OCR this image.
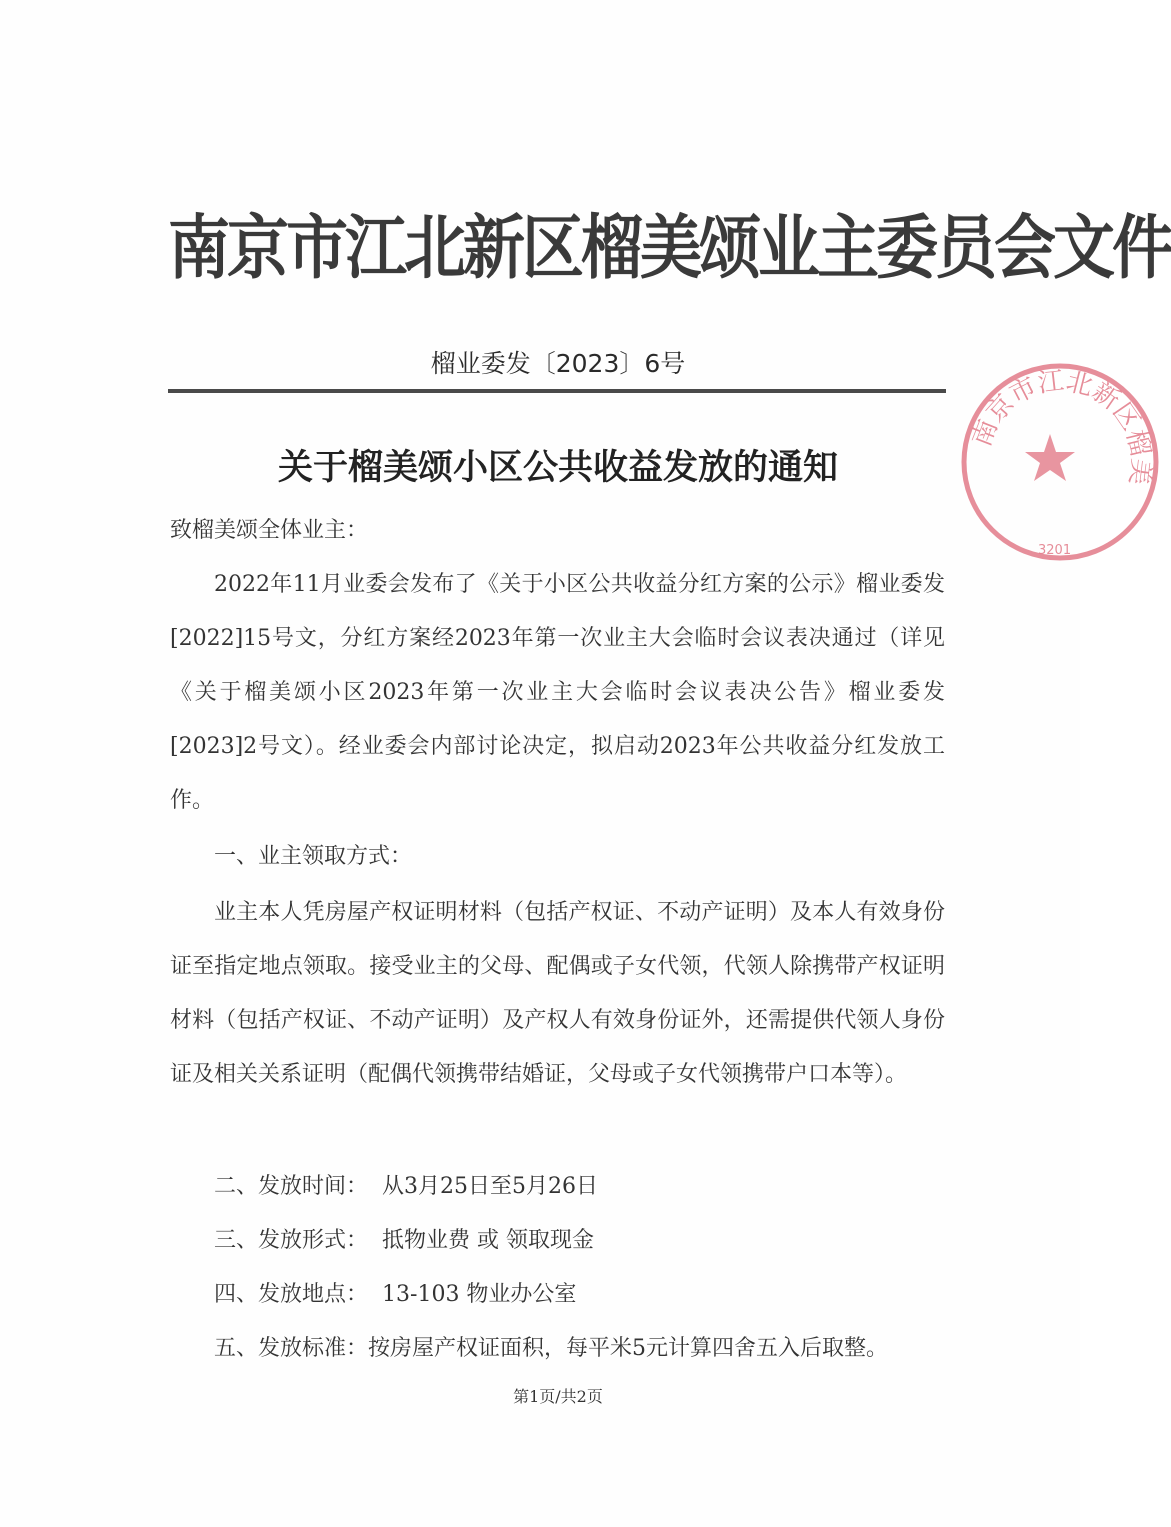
南京市江北新区榴美颂业主委员会文件
榴业委发〔2023〕6号
关于榴美颂小区公共收益发放的通知
致榴美颂全体业主：
2022年11月业委会发布了《关于小区公共收益分红方案的公示》榴业委发[2022]15号文，分红方案经2023年第一次业主大会临时会议表决通过（详见《关于榴美颂小区2023年第一次业主大会临时会议表决公告》榴业委发[2023]2号文）。经业委会内部讨论决定，拟启动2023年公共收益分红发放工作。
一、业主领取方式：
业主本人凭房屋产权证明材料（包括产权证、不动产证明）及本人有效身份证至指定地点领取。接受业主的父母、配偶或子女代领，代领人除携带产权证明材料（包括产权证、不动产证明）及产权人有效身份证外，还需提供代领人身份证及相关关系证明（配偶代领携带结婚证，父母或子女代领携带户口本等）。
二、发放时间： 从3月25日至5月26日
三、发放形式： 抵物业费 或 领取现金
四、发放地点： 13-103 物业办公室
五、发放标准：按房屋产权证面积，每平米5元计算四舍五入后取整。
第1页/共2页
南京市江北新区榴美
3201
